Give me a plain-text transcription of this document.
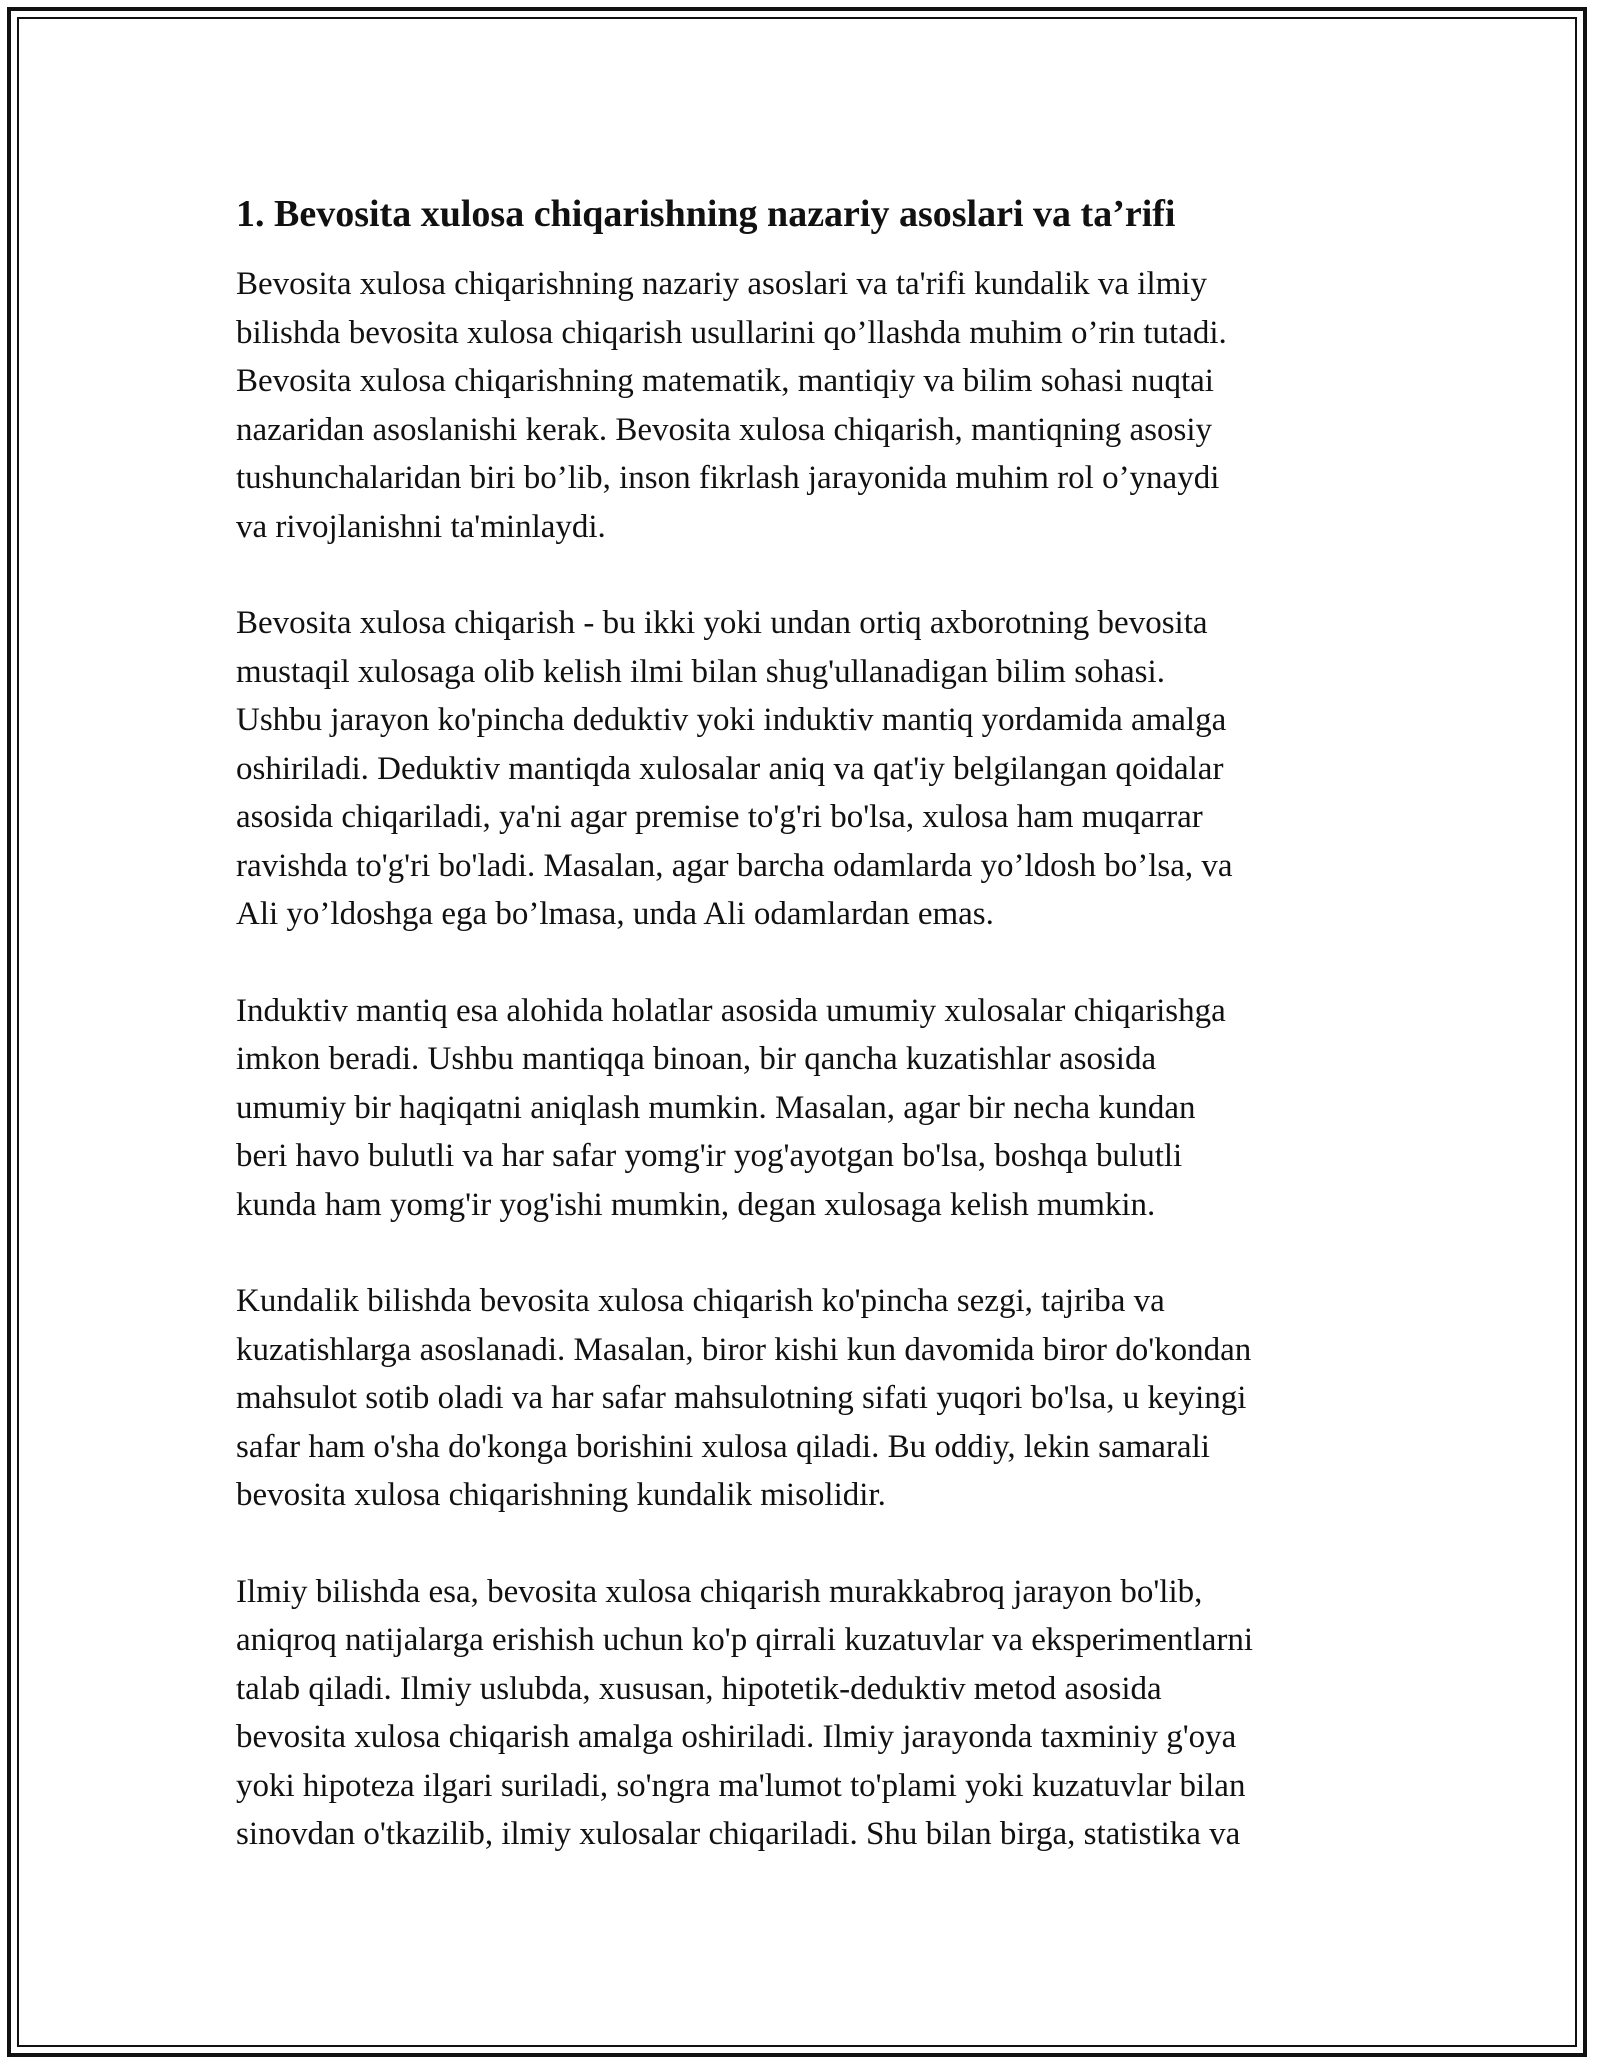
1. Bevosita xulosa chiqarishning nazariy asoslari va ta’rifi

Bevosita xulosa chiqarishning nazariy asoslari va ta'rifi kundalik va ilmiy
bilishda bevosita xulosa chiqarish usullarini qo’llashda muhim o’rin tutadi.
Bevosita xulosa chiqarishning matematik, mantiqiy va bilim sohasi nuqtai
nazaridan asoslanishi kerak. Bevosita xulosa chiqarish, mantiqning asosiy
tushunchalaridan biri bo’lib, inson fikrlash jarayonida muhim rol o’ynaydi
va rivojlanishni ta'minlaydi.

Bevosita xulosa chiqarish - bu ikki yoki undan ortiq axborotning bevosita
mustaqil xulosaga olib kelish ilmi bilan shug'ullanadigan bilim sohasi.
Ushbu jarayon ko'pincha deduktiv yoki induktiv mantiq yordamida amalga
oshiriladi. Deduktiv mantiqda xulosalar aniq va qat'iy belgilangan qoidalar
asosida chiqariladi, ya'ni agar premise to'g'ri bo'lsa, xulosa ham muqarrar
ravishda to'g'ri bo'ladi. Masalan, agar barcha odamlarda yo’ldosh bo’lsa, va
Ali yo’ldoshga ega bo’lmasa, unda Ali odamlardan emas.

Induktiv mantiq esa alohida holatlar asosida umumiy xulosalar chiqarishga
imkon beradi. Ushbu mantiqqa binoan, bir qancha kuzatishlar asosida
umumiy bir haqiqatni aniqlash mumkin. Masalan, agar bir necha kundan
beri havo bulutli va har safar yomg'ir yog'ayotgan bo'lsa, boshqa bulutli
kunda ham yomg'ir yog'ishi mumkin, degan xulosaga kelish mumkin.

Kundalik bilishda bevosita xulosa chiqarish ko'pincha sezgi, tajriba va
kuzatishlarga asoslanadi. Masalan, biror kishi kun davomida biror do'kondan
mahsulot sotib oladi va har safar mahsulotning sifati yuqori bo'lsa, u keyingi
safar ham o'sha do'konga borishini xulosa qiladi. Bu oddiy, lekin samarali
bevosita xulosa chiqarishning kundalik misolidir.

Ilmiy bilishda esa, bevosita xulosa chiqarish murakkabroq jarayon bo'lib,
aniqroq natijalarga erishish uchun ko'p qirrali kuzatuvlar va eksperimentlarni
talab qiladi. Ilmiy uslubda, xususan, hipotetik-deduktiv metod asosida
bevosita xulosa chiqarish amalga oshiriladi. Ilmiy jarayonda taxminiy g'oya
yoki hipoteza ilgari suriladi, so'ngra ma'lumot to'plami yoki kuzatuvlar bilan
sinovdan o'tkazilib, ilmiy xulosalar chiqariladi. Shu bilan birga, statistika va
